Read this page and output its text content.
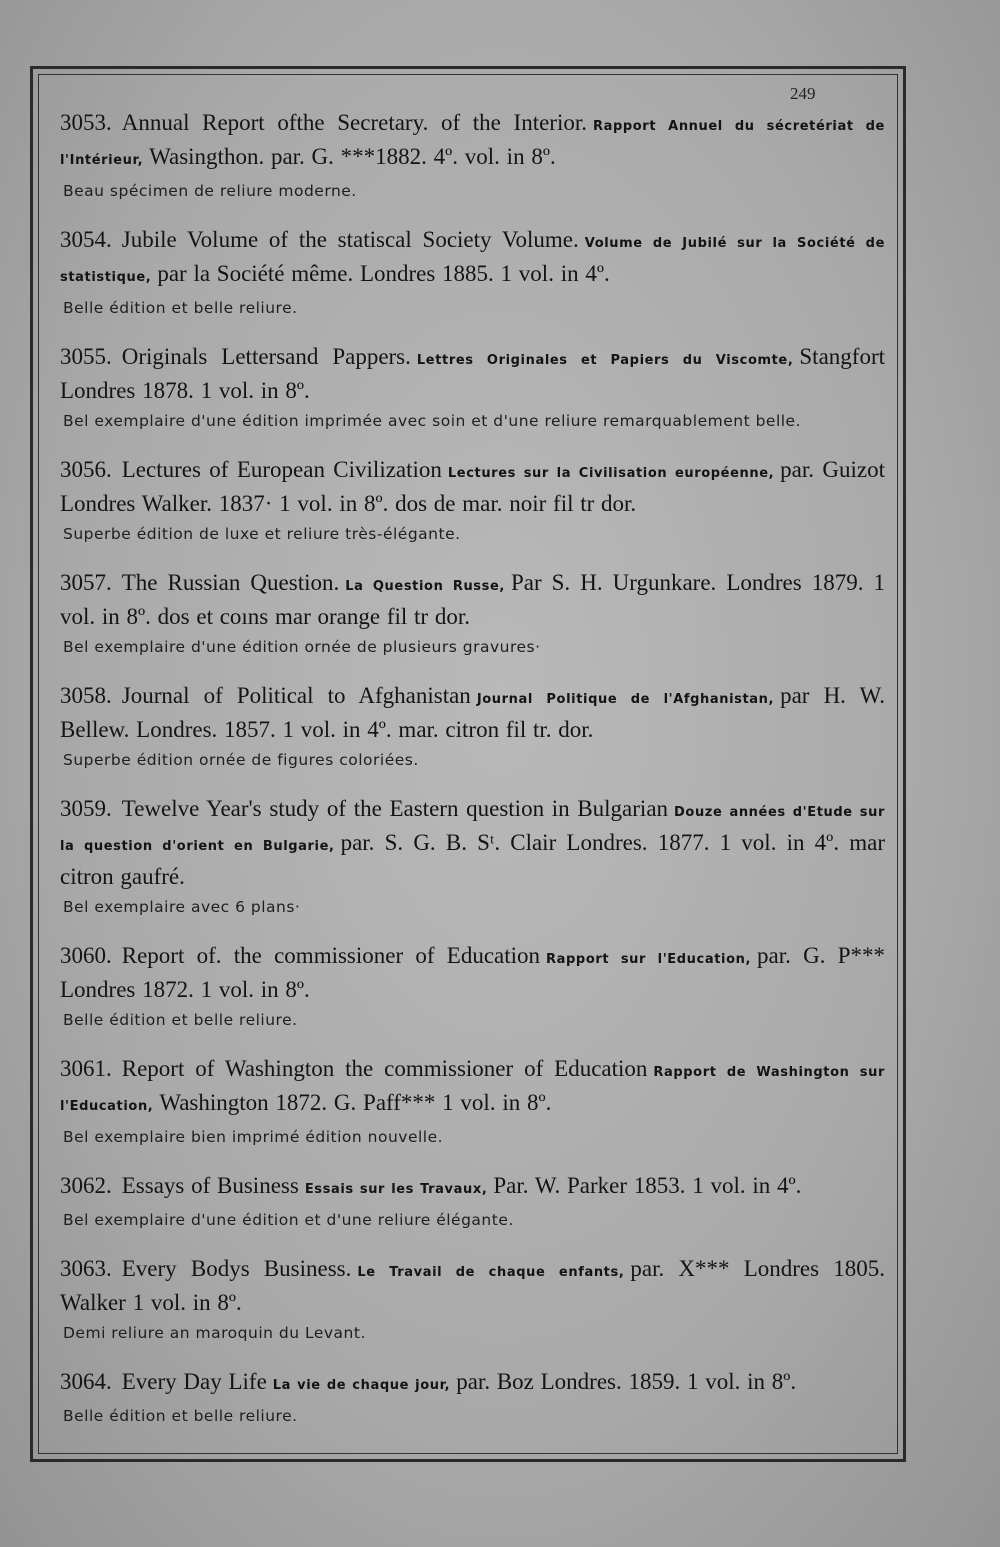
249

3053. Annual Report ofthe Secretary. of the Interior. Rapport Annuel du sécretériat de l'Intérieur, Wasingthon. par. G. ***1882. 4º. vol. in 8º.

Beau spécimen de reliure moderne.

3054. Jubile Volume of the statiscal Society Volume. Volume de Jubilé sur la Société de statistique, par la Société même. Londres 1885. 1 vol. in 4º.

Belle édition et belle reliure.

3055. Originals Lettersand Pappers. Lettres Originales et Papiers du Viscomte, Stangfort Londres 1878. 1 vol. in 8º.

Bel exemplaire d'une édition imprimée avec soin et d'une reliure remarquablement belle.

3056. Lectures of European Civilization Lectures sur la Civilisation européenne, par. Guizot Londres Walker. 1837· 1 vol. in 8º. dos de mar. noir fil tr dor.

Superbe édition de luxe et reliure très-élégante.

3057. The Russian Question. La Question Russe, Par S. H. Urgunkare. Londres 1879. 1 vol. in 8º. dos et coıns mar orange fil tr dor.

Bel exemplaire d'une édition ornée de plusieurs gravures·

3058. Journal of Political to Afghanistan Journal Politique de l'Afghanistan, par H. W. Bellew. Londres. 1857. 1 vol. in 4º. mar. citron fil tr. dor.

Superbe édition ornée de figures coloriées.

3059. Tewelve Year's study of the Eastern question in Bulgarian Douze années d'Etude sur la question d'orient en Bulgarie, par. S. G. B. Sᵗ. Clair Londres. 1877. 1 vol. in 4º. mar citron gaufré.

Bel exemplaire avec 6 plans·

3060. Report of. the commissioner of Education Rapport sur l'Education, par. G. P*** Londres 1872. 1 vol. in 8º.

Belle édition et belle reliure.

3061. Report of Washington the commissioner of Education Rapport de Washington sur l'Education, Washington 1872. G. Paff*** 1 vol. in 8º.

Bel exemplaire bien imprimé édition nouvelle.

3062. Essays of Business Essais sur les Travaux, Par. W. Parker 1853. 1 vol. in 4º.

Bel exemplaire d'une édition et d'une reliure élégante.

3063. Every Bodys Business. Le Travail de chaque enfants, par. X*** Londres 1805. Walker 1 vol. in 8º.

Demi reliure an maroquin du Levant.

3064. Every Day Life La vie de chaque jour, par. Boz Londres. 1859. 1 vol. in 8º.

Belle édition et belle reliure.
